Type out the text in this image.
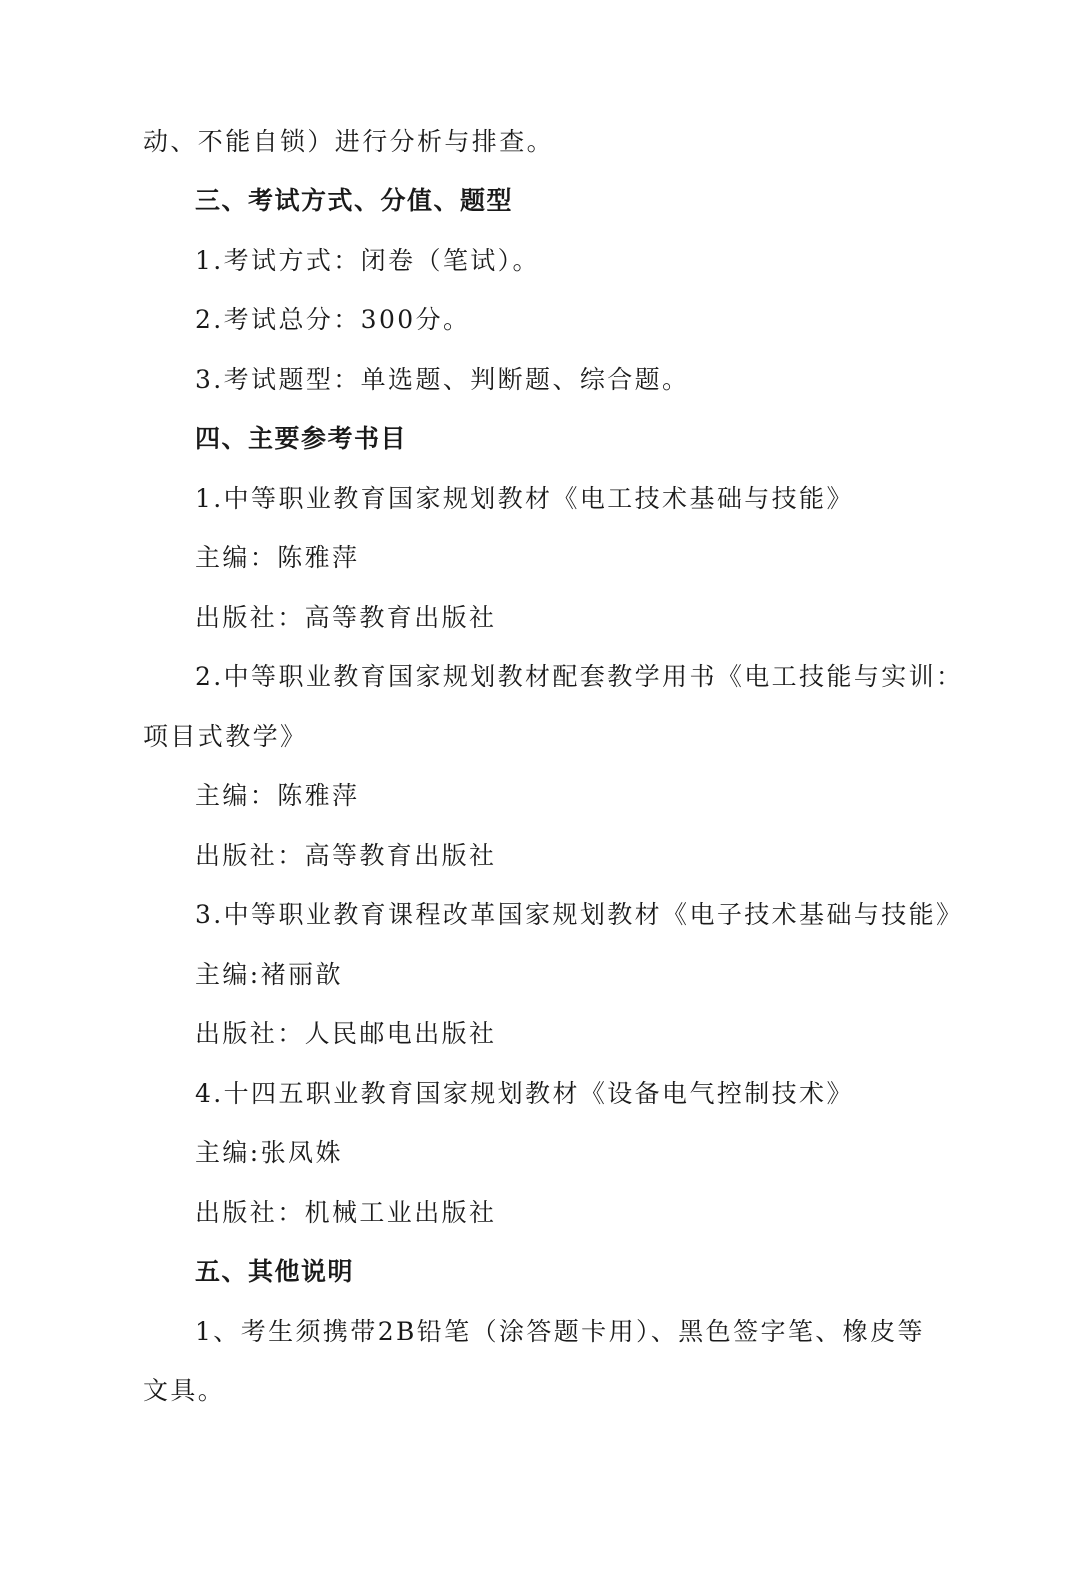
动、不能自锁）进行分析与排查。
三、考试方式、分值、题型
1.考试方式：闭卷（笔试）。
2.考试总分：300分。
3.考试题型：单选题、判断题、综合题。
四、主要参考书目
1.中等职业教育国家规划教材《电工技术基础与技能》
主编：陈雅萍
出版社：高等教育出版社
2.中等职业教育国家规划教材配套教学用书《电工技能与实训：
项目式教学》
主编：陈雅萍
出版社：高等教育出版社
3.中等职业教育课程改革国家规划教材《电子技术基础与技能》
主编:褚丽歆
出版社：人民邮电出版社
4.十四五职业教育国家规划教材《设备电气控制技术》
主编:张凤姝
出版社：机械工业出版社
五、其他说明
1、考生须携带2B铅笔（涂答题卡用）、黑色签字笔、橡皮等
文具。
